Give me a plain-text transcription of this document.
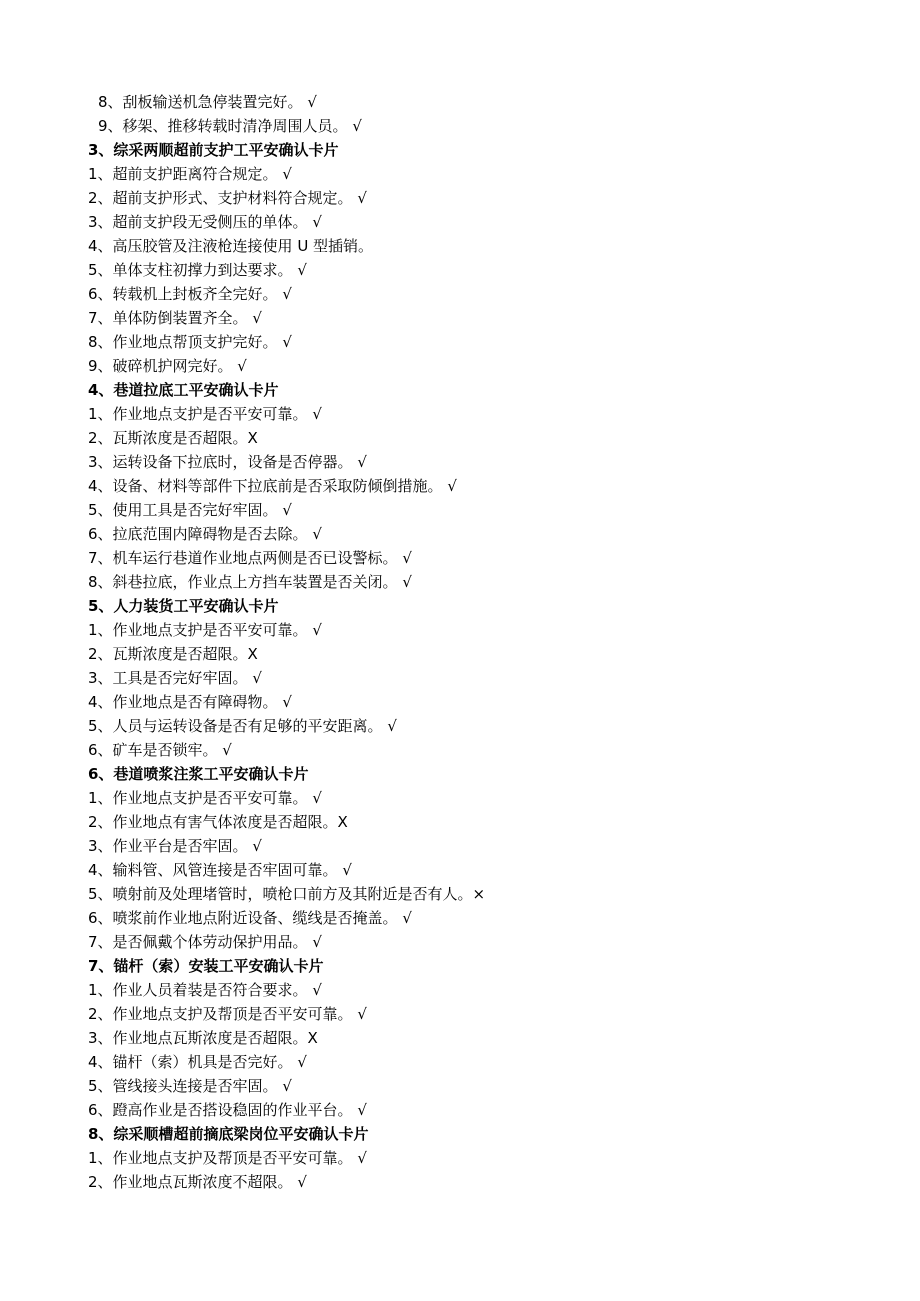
8、刮板输送机急停装置完好。 √
9、移架、推移转载时清净周围人员。 √
3、综采两顺超前支护工平安确认卡片
1、超前支护距离符合规定。 √
2、超前支护形式、支护材料符合规定。 √
3、超前支护段无受侧压的单体。 √
4、高压胶管及注液枪连接使用 U 型插销。
5、单体支柱初撑力到达要求。 √
6、转载机上封板齐全完好。 √
7、单体防倒装置齐全。 √
8、作业地点帮顶支护完好。 √
9、破碎机护网完好。 √
4、巷道拉底工平安确认卡片
1、作业地点支护是否平安可靠。 √
2、瓦斯浓度是否超限。X
3、运转设备下拉底时，设备是否停器。 √
4、设备、材料等部件下拉底前是否采取防倾倒措施。 √
5、使用工具是否完好牢固。 √
6、拉底范围内障碍物是否去除。 √
7、机车运行巷道作业地点两侧是否已设警标。 √
8、斜巷拉底，作业点上方挡车装置是否关闭。 √
5、人力装货工平安确认卡片
1、作业地点支护是否平安可靠。 √
2、瓦斯浓度是否超限。X
3、工具是否完好牢固。 √
4、作业地点是否有障碍物。 √
5、人员与运转设备是否有足够的平安距离。 √
6、矿车是否锁牢。 √
6、巷道喷浆注浆工平安确认卡片
1、作业地点支护是否平安可靠。 √
2、作业地点有害气体浓度是否超限。X
3、作业平台是否牢固。 √
4、输料管、风管连接是否牢固可靠。 √
5、喷射前及处理堵管时，喷枪口前方及其附近是否有人。×
6、喷浆前作业地点附近设备、缆线是否掩盖。 √
7、是否佩戴个体劳动保护用品。 √
7、锚杆（索）安装工平安确认卡片
1、作业人员着装是否符合要求。 √
2、作业地点支护及帮顶是否平安可靠。 √
3、作业地点瓦斯浓度是否超限。X
4、锚杆（索）机具是否完好。 √
5、管线接头连接是否牢固。 √
6、蹬高作业是否搭设稳固的作业平台。 √
8、综采顺槽超前摘底梁岗位平安确认卡片
1、作业地点支护及帮顶是否平安可靠。 √
2、作业地点瓦斯浓度不超限。 √
